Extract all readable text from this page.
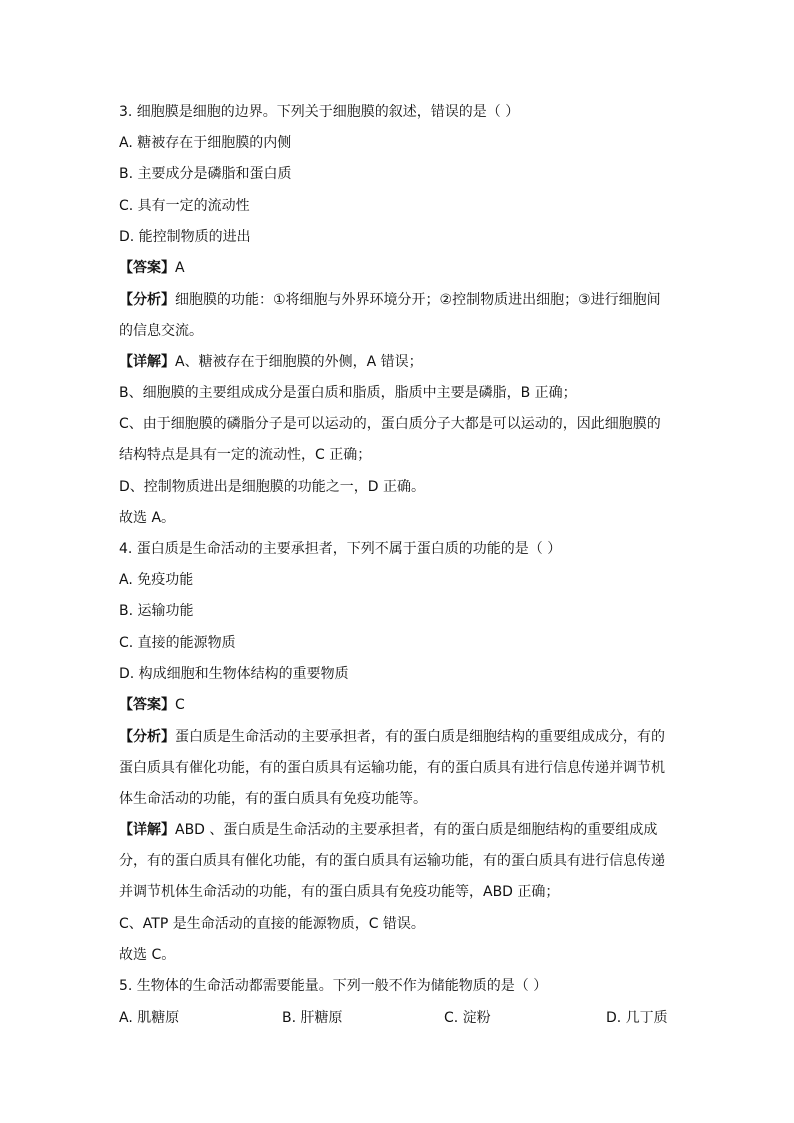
3. 细胞膜是细胞的边界。下列关于细胞膜的叙述，错误的是（ ）
A. 糖被存在于细胞膜的内侧
B. 主要成分是磷脂和蛋白质
C. 具有一定的流动性
D. 能控制物质的进出
【答案】A
【分析】细胞膜的功能：①将细胞与外界环境分开；②控制物质进出细胞；③进行细胞间
的信息交流。
【详解】A、糖被存在于细胞膜的外侧，A 错误；
B、细胞膜的主要组成成分是蛋白质和脂质，脂质中主要是磷脂，B 正确；
C、由于细胞膜的磷脂分子是可以运动的，蛋白质分子大都是可以运动的，因此细胞膜的
结构特点是具有一定的流动性，C 正确；
D、控制物质进出是细胞膜的功能之一，D 正确。
故选 A。
4. 蛋白质是生命活动的主要承担者，下列不属于蛋白质的功能的是（ ）
A. 免疫功能
B. 运输功能
C. 直接的能源物质
D. 构成细胞和生物体结构的重要物质
【答案】C
【分析】蛋白质是生命活动的主要承担者，有的蛋白质是细胞结构的重要组成成分，有的
蛋白质具有催化功能，有的蛋白质具有运输功能，有的蛋白质具有进行信息传递并调节机
体生命活动的功能，有的蛋白质具有免疫功能等。
【详解】ABD 、蛋白质是生命活动的主要承担者，有的蛋白质是细胞结构的重要组成成
分，有的蛋白质具有催化功能，有的蛋白质具有运输功能，有的蛋白质具有进行信息传递
并调节机体生命活动的功能，有的蛋白质具有免疫功能等，ABD 正确；
C、ATP 是生命活动的直接的能源物质，C 错误。
故选 C。
5. 生物体的生命活动都需要能量。下列一般不作为储能物质的是（ ）
A. 肌糖原	B. 肝糖原	C. 淀粉	D. 几丁质
